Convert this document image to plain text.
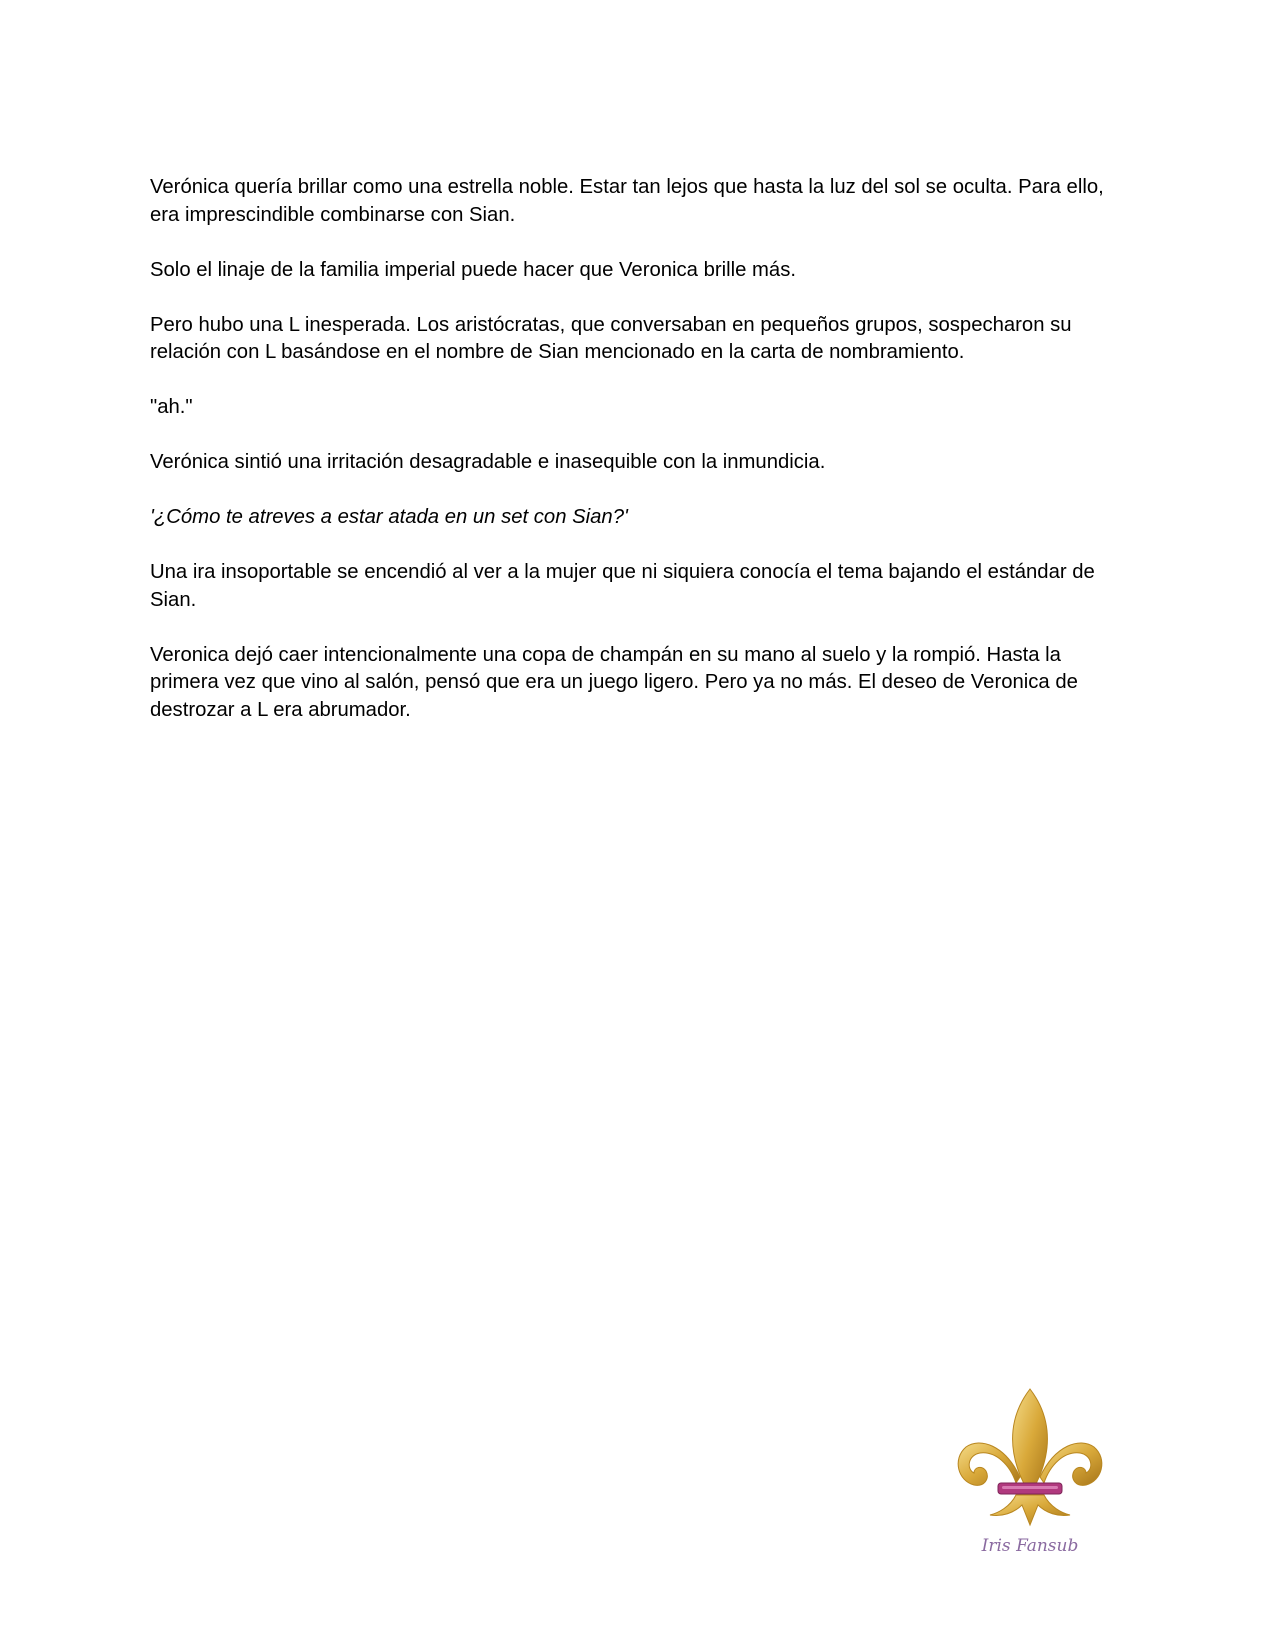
Verónica quería brillar como una estrella noble. Estar tan lejos que hasta la luz del sol se oculta. Para ello, era imprescindible combinarse con Sian.

Solo el linaje de la familia imperial puede hacer que Veronica brille más.

Pero hubo una L inesperada. Los aristócratas, que conversaban en pequeños grupos, sospecharon su relación con L basándose en el nombre de Sian mencionado en la carta de nombramiento.

"ah."

Verónica sintió una irritación desagradable e inasequible con la inmundicia.

'¿Cómo te atreves a estar atada en un set con Sian?'

Una ira insoportable se encendió al ver a la mujer que ni siquiera conocía el tema bajando el estándar de Sian.

Veronica dejó caer intencionalmente una copa de champán en su mano al suelo y la rompió. Hasta la primera vez que vino al salón, pensó que era un juego ligero. Pero ya no más. El deseo de Veronica de destrozar a L era abrumador.

Iris Fansub
